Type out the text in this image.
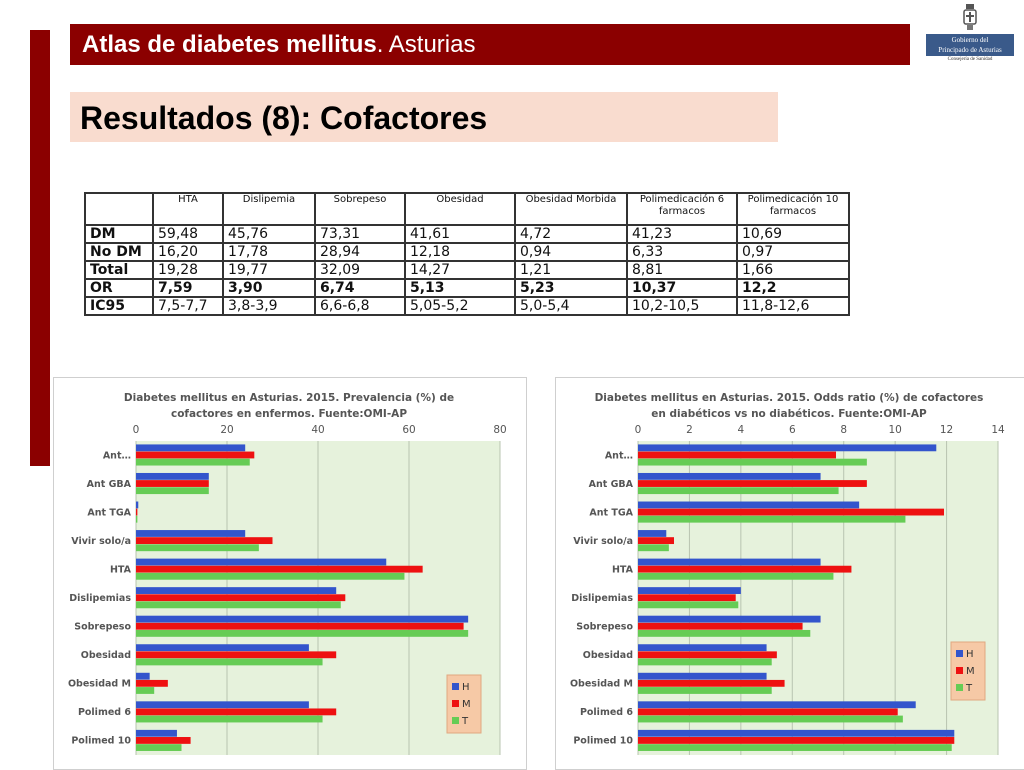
Atlas de diabetes mellitus. Asturias	Gobierno del
Principado de Asturias
Consejería de Sanidad
Resultados (8): Cofactores
	HTA	Dislipemia	Sobrepeso	Obesidad	Obesidad Morbida	Polimedicación 6 farmacos	Polimedicación 10 farmacos
DM	59,48	45,76	73,31	41,61	4,72	41,23	10,69
No DM	16,20	17,78	28,94	12,18	0,94	6,33	0,97
Total	19,28	19,77	32,09	14,27	1,21	8,81	1,66
OR	7,59	3,90	6,74	5,13	5,23	10,37	12,2
IC95	7,5-7,7	3,8-3,9	6,6-6,8	5,05-5,2	5,0-5,4	10,2-10,5	11,8-12,6
Diabetes mellitus en Asturias. 2015. Prevalencia (%) de
cofactores en enfermos. Fuente:OMI-AP
0	20	40	60	80
Ant…
Ant GBA
Ant TGA
Vivir solo/a
HTA
Dislipemias
Sobrepeso
Obesidad
Obesidad M
Polimed 6
Polimed 10
H
M
T
Diabetes mellitus en Asturias. 2015. Odds ratio (%) de cofactores
en diabéticos vs no diabéticos. Fuente:OMI-AP
0	2	4	6	8	10	12	14
Ant…
Ant GBA
Ant TGA
Vivir solo/a
HTA
Dislipemias
Sobrepeso
Obesidad
Obesidad M
Polimed 6
Polimed 10
H
M
T
